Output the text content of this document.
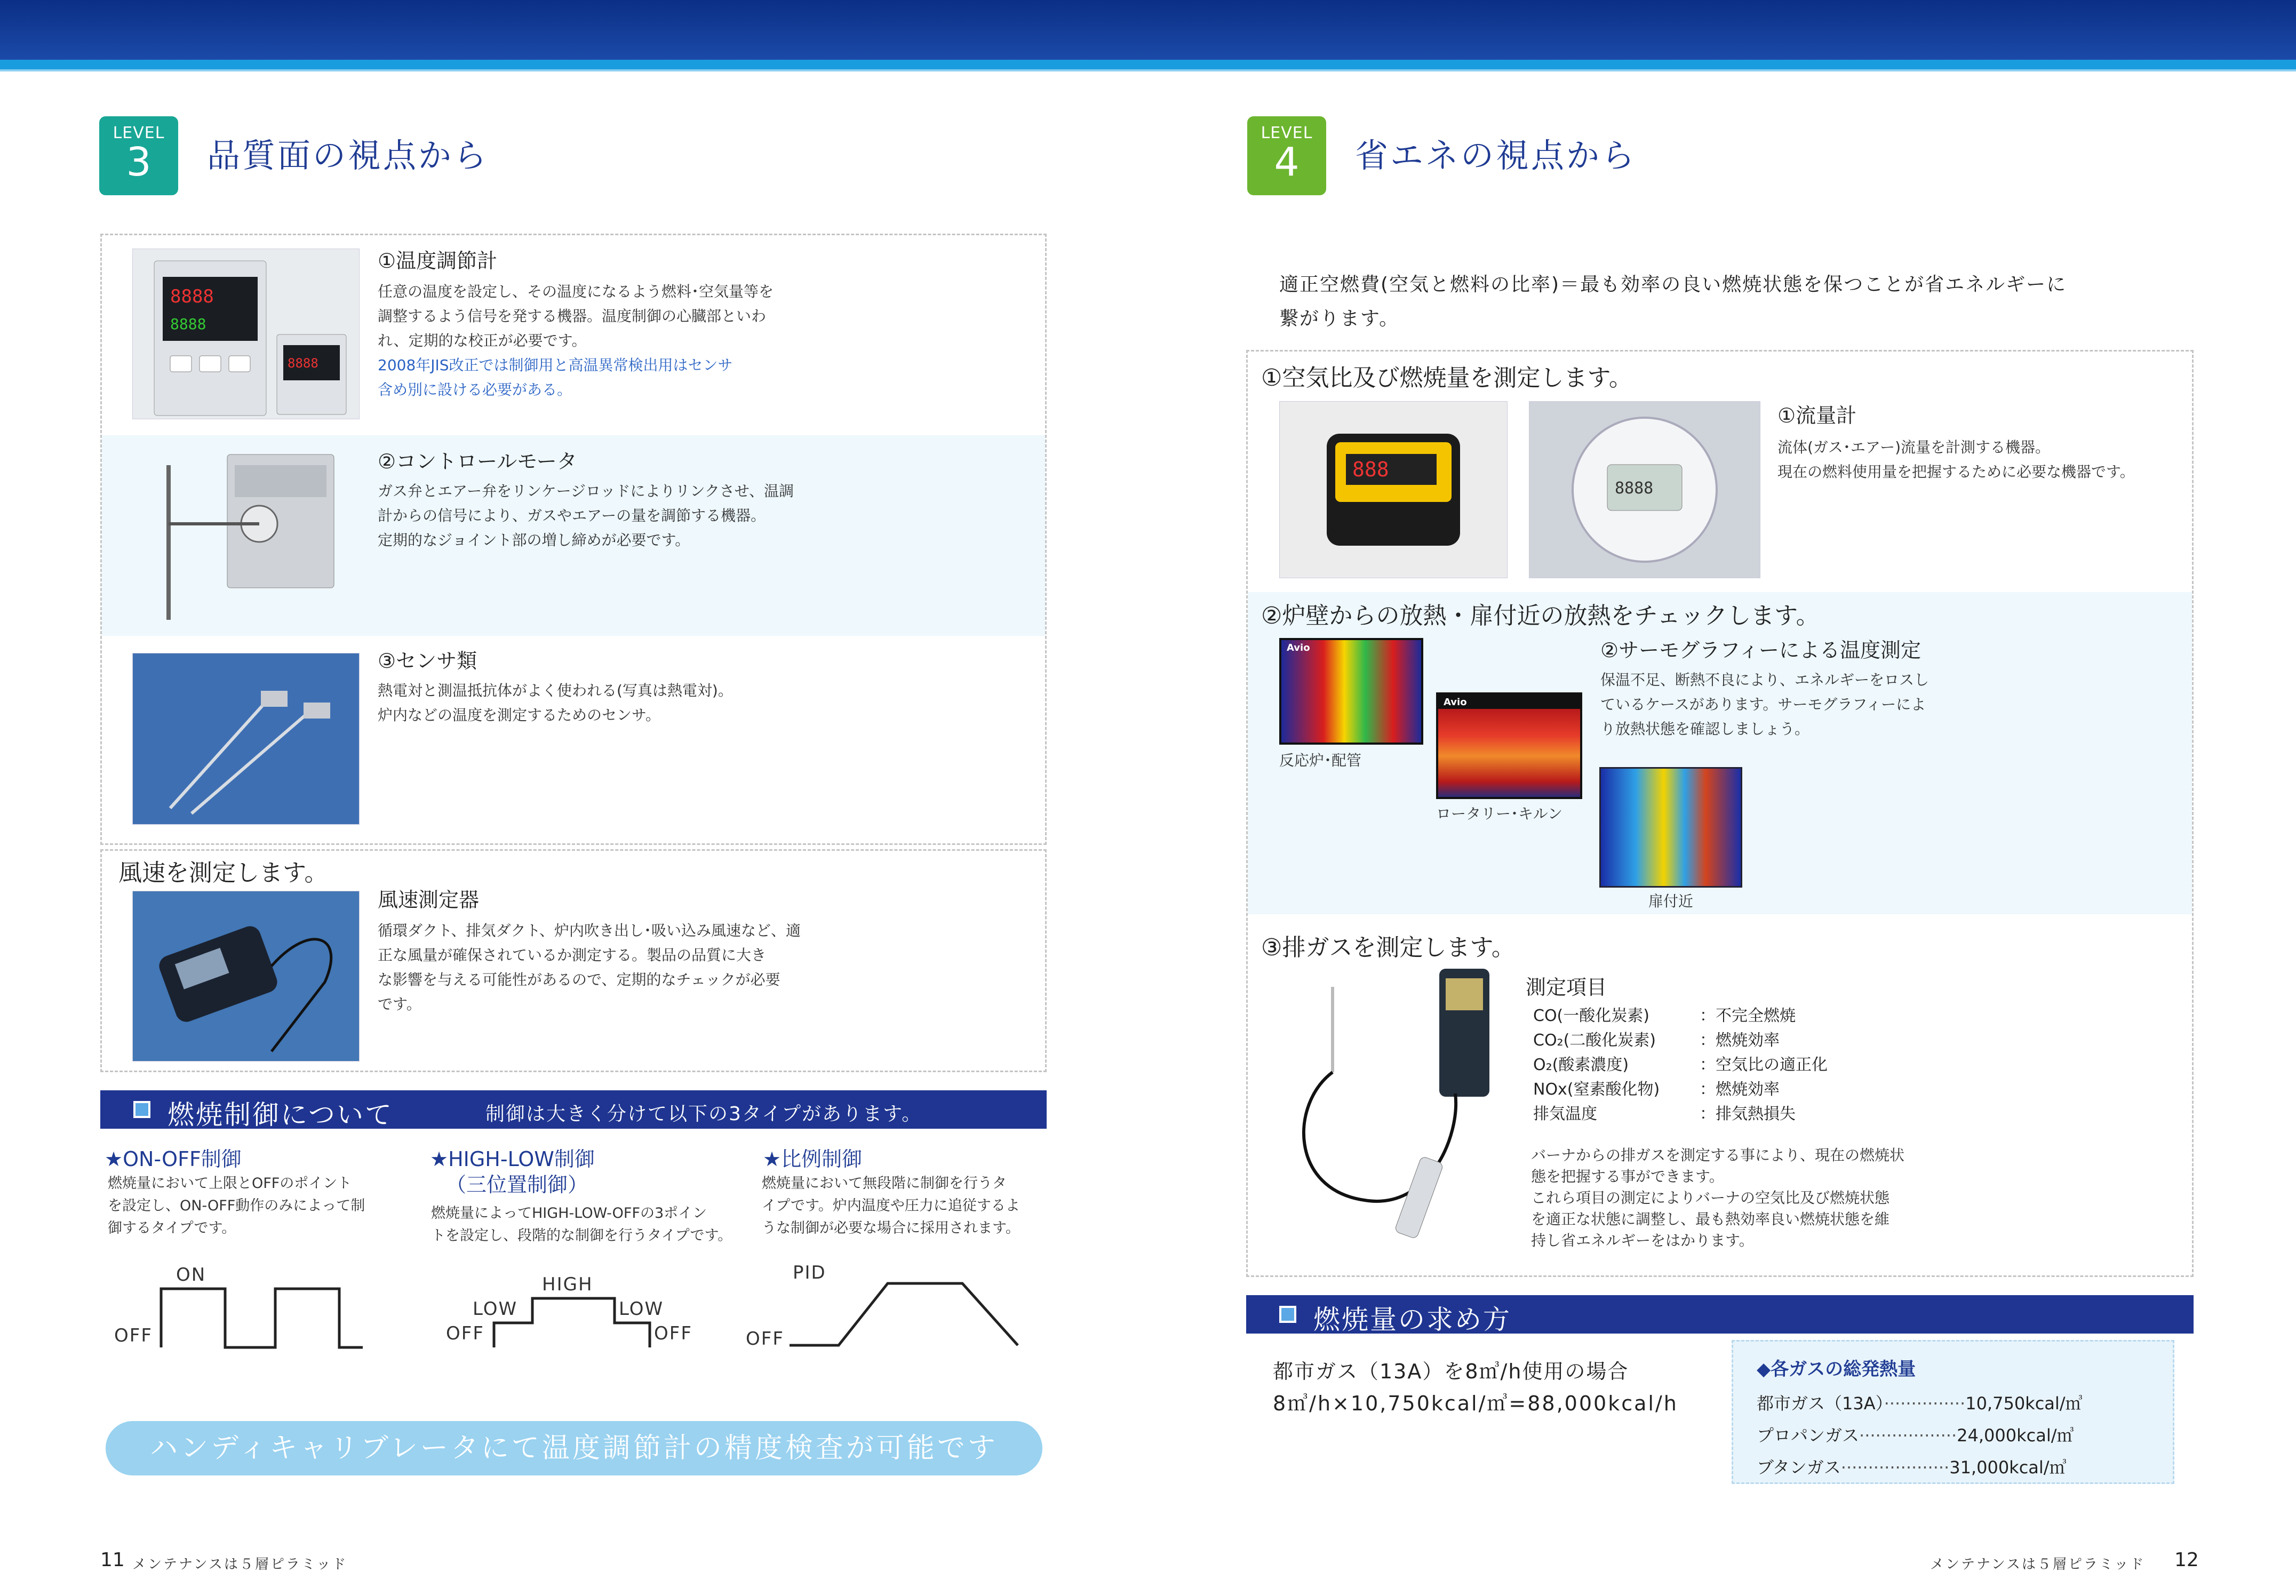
LEVEL
3	品質面の視点から
8888
8888
8888
①温度調節計
任意の温度を設定し、その温度になるよう燃料･空気量等を
調整するよう信号を発する機器。温度制御の心臓部といわ
れ、定期的な校正が必要です。
2008年JIS改正では制御用と高温異常検出用はセンサ
含め別に設ける必要がある。
②コントロールモータ
ガス弁とエアー弁をリンケージロッドによりリンクさせ、温調
計からの信号により、ガスやエアーの量を調節する機器。
定期的なジョイント部の増し締めが必要です。
③センサ類
熱電対と測温抵抗体がよく使われる(写真は熱電対)。
炉内などの温度を測定するためのセンサ。
風速を測定します。
風速測定器
循環ダクト、排気ダクト、炉内吹き出し･吸い込み風速など、適
正な風量が確保されているか測定する。製品の品質に大き
な影響を与える可能性があるので、定期的なチェックが必要
です。
燃焼制御について	制御は大きく分けて以下の3タイプがあります。
★ON-OFF制御
燃焼量において上限とOFFのポイント
を設定し、ON-OFF動作のみによって制
御するタイプです。
★HIGH-LOW制御
（三位置制御）
燃焼量によってHIGH-LOW-OFFの3ポイン
トを設定し、段階的な制御を行うタイプです。
★比例制御
燃焼量において無段階に制御を行うタ
イプです。炉内温度や圧力に追従するよ
うな制御が必要な場合に採用されます。
ON
OFF
HIGH
LOW	LOW
OFF	OFF
PID
OFF
ハンディキャリブレータにて温度調節計の精度検査が可能です
11 メンテナンスは５層ピラミッド
LEVEL
4	省エネの視点から
適正空燃費(空気と燃料の比率)＝最も効率の良い燃焼状態を保つことが省エネルギーに
繋がります。
①空気比及び燃焼量を測定します。
888
8888
①流量計
流体(ガス･エアー)流量を計測する機器。
現在の燃料使用量を把握するために必要な機器です。
②炉壁からの放熱・扉付近の放熱をチェックします。
Avio
反応炉･配管
Avio
ロータリー･キルン
扉付近
②サーモグラフィーによる温度測定
保温不足、断熱不良により、エネルギーをロスし
ているケースがあります。サーモグラフィーによ
り放熱状態を確認しましょう。
③排ガスを測定します。
測定項目
CO(一酸化炭素)	：不完全燃焼
CO₂(二酸化炭素)	：燃焼効率
O₂(酸素濃度)	：空気比の適正化
NOx(窒素酸化物) ：燃焼効率
排気温度	：排気熱損失
バーナからの排ガスを測定する事により、現在の燃焼状
態を把握する事ができます。
これら項目の測定によりバーナの空気比及び燃焼状態
を適正な状態に調整し、最も熱効率良い燃焼状態を維
持し省エネルギーをはかります。
燃焼量の求め方
都市ガス（13A）を8㎥/h使用の場合
8㎥/h×10,750kcal/㎥=88,000kcal/h
◆各ガスの総発熱量
都市ガス（13A）···············10,750kcal/㎥
プロパンガス··················24,000kcal/㎥
ブタンガス····················31,000kcal/㎥
メンテナンスは５層ピラミッド 12
